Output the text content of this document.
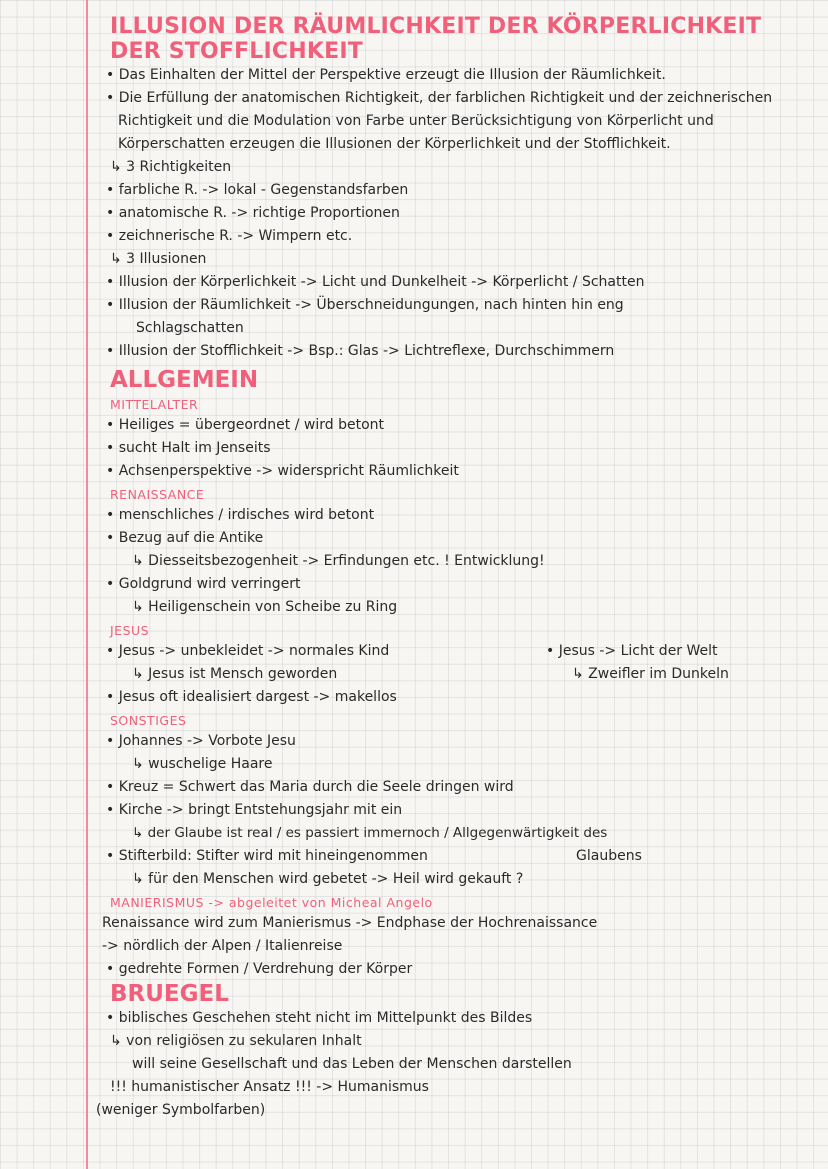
ILLUSION DER RÄUMLICHKEIT DER KÖRPERLICHKEIT DER STOFFLICHKEIT
• Das Einhalten der Mittel der Perspektive erzeugt die Illusion der Räumlichkeit.
• Die Erfüllung der anatomischen Richtigkeit, der farblichen Richtigkeit und der zeichnerischen Richtigkeit und die Modulation von Farbe unter Berücksichtigung von Körperlicht und Körperschatten erzeugen die Illusionen der Körperlichkeit und der Stofflichkeit.
↳ 3 Richtigkeiten
• farbliche R. -> lokal - Gegenstandsfarben
• anatomische R. -> richtige Proportionen
• zeichnerische R. -> Wimpern etc.
↳ 3 Illusionen
• Illusion der Körperlichkeit -> Licht und Dunkelheit -> Körperlicht / Schatten
• Illusion der Räumlichkeit -> Überschneidungungen, nach hinten hin eng
Schlagschatten
• Illusion der Stofflichkeit -> Bsp.: Glas -> Lichtreflexe, Durchschimmern
ALLGEMEIN
MITTELALTER
• Heiliges = übergeordnet / wird betont
• sucht Halt im Jenseits
• Achsenperspektive -> widerspricht Räumlichkeit
RENAISSANCE
• menschliches / irdisches wird betont
• Bezug auf die Antike
↳ Diesseitsbezogenheit -> Erfindungen etc. ! Entwicklung!
• Goldgrund wird verringert
↳ Heiligenschein von Scheibe zu Ring
JESUS
• Jesus -> unbekleidet -> normales Kind
↳ Jesus ist Mensch geworden
• Jesus -> Licht der Welt
↳ Zweifler im Dunkeln
• Jesus oft idealisiert dargest -> makellos
SONSTIGES
• Johannes -> Vorbote Jesu
↳ wuschelige Haare
• Kreuz = Schwert das Maria durch die Seele dringen wird
• Kirche -> bringt Entstehungsjahr mit ein
↳ der Glaube ist real / es passiert immernoch / Allgegenwärtigkeit des
• Stifterbild: Stifter wird mit hineingenommen	Glaubens
↳ für den Menschen wird gebetet -> Heil wird gekauft ?
MANIERISMUS -> abgeleitet von Micheal Angelo
Renaissance wird zum Manierismus -> Endphase der Hochrenaissance
-> nördlich der Alpen / Italienreise
• gedrehte Formen / Verdrehung der Körper
BRUEGEL
• biblisches Geschehen steht nicht im Mittelpunkt des Bildes
↳ von religiösen zu sekularen Inhalt
will seine Gesellschaft und das Leben der Menschen darstellen
!!! humanistischer Ansatz !!! -> Humanismus
(weniger Symbolfarben)
